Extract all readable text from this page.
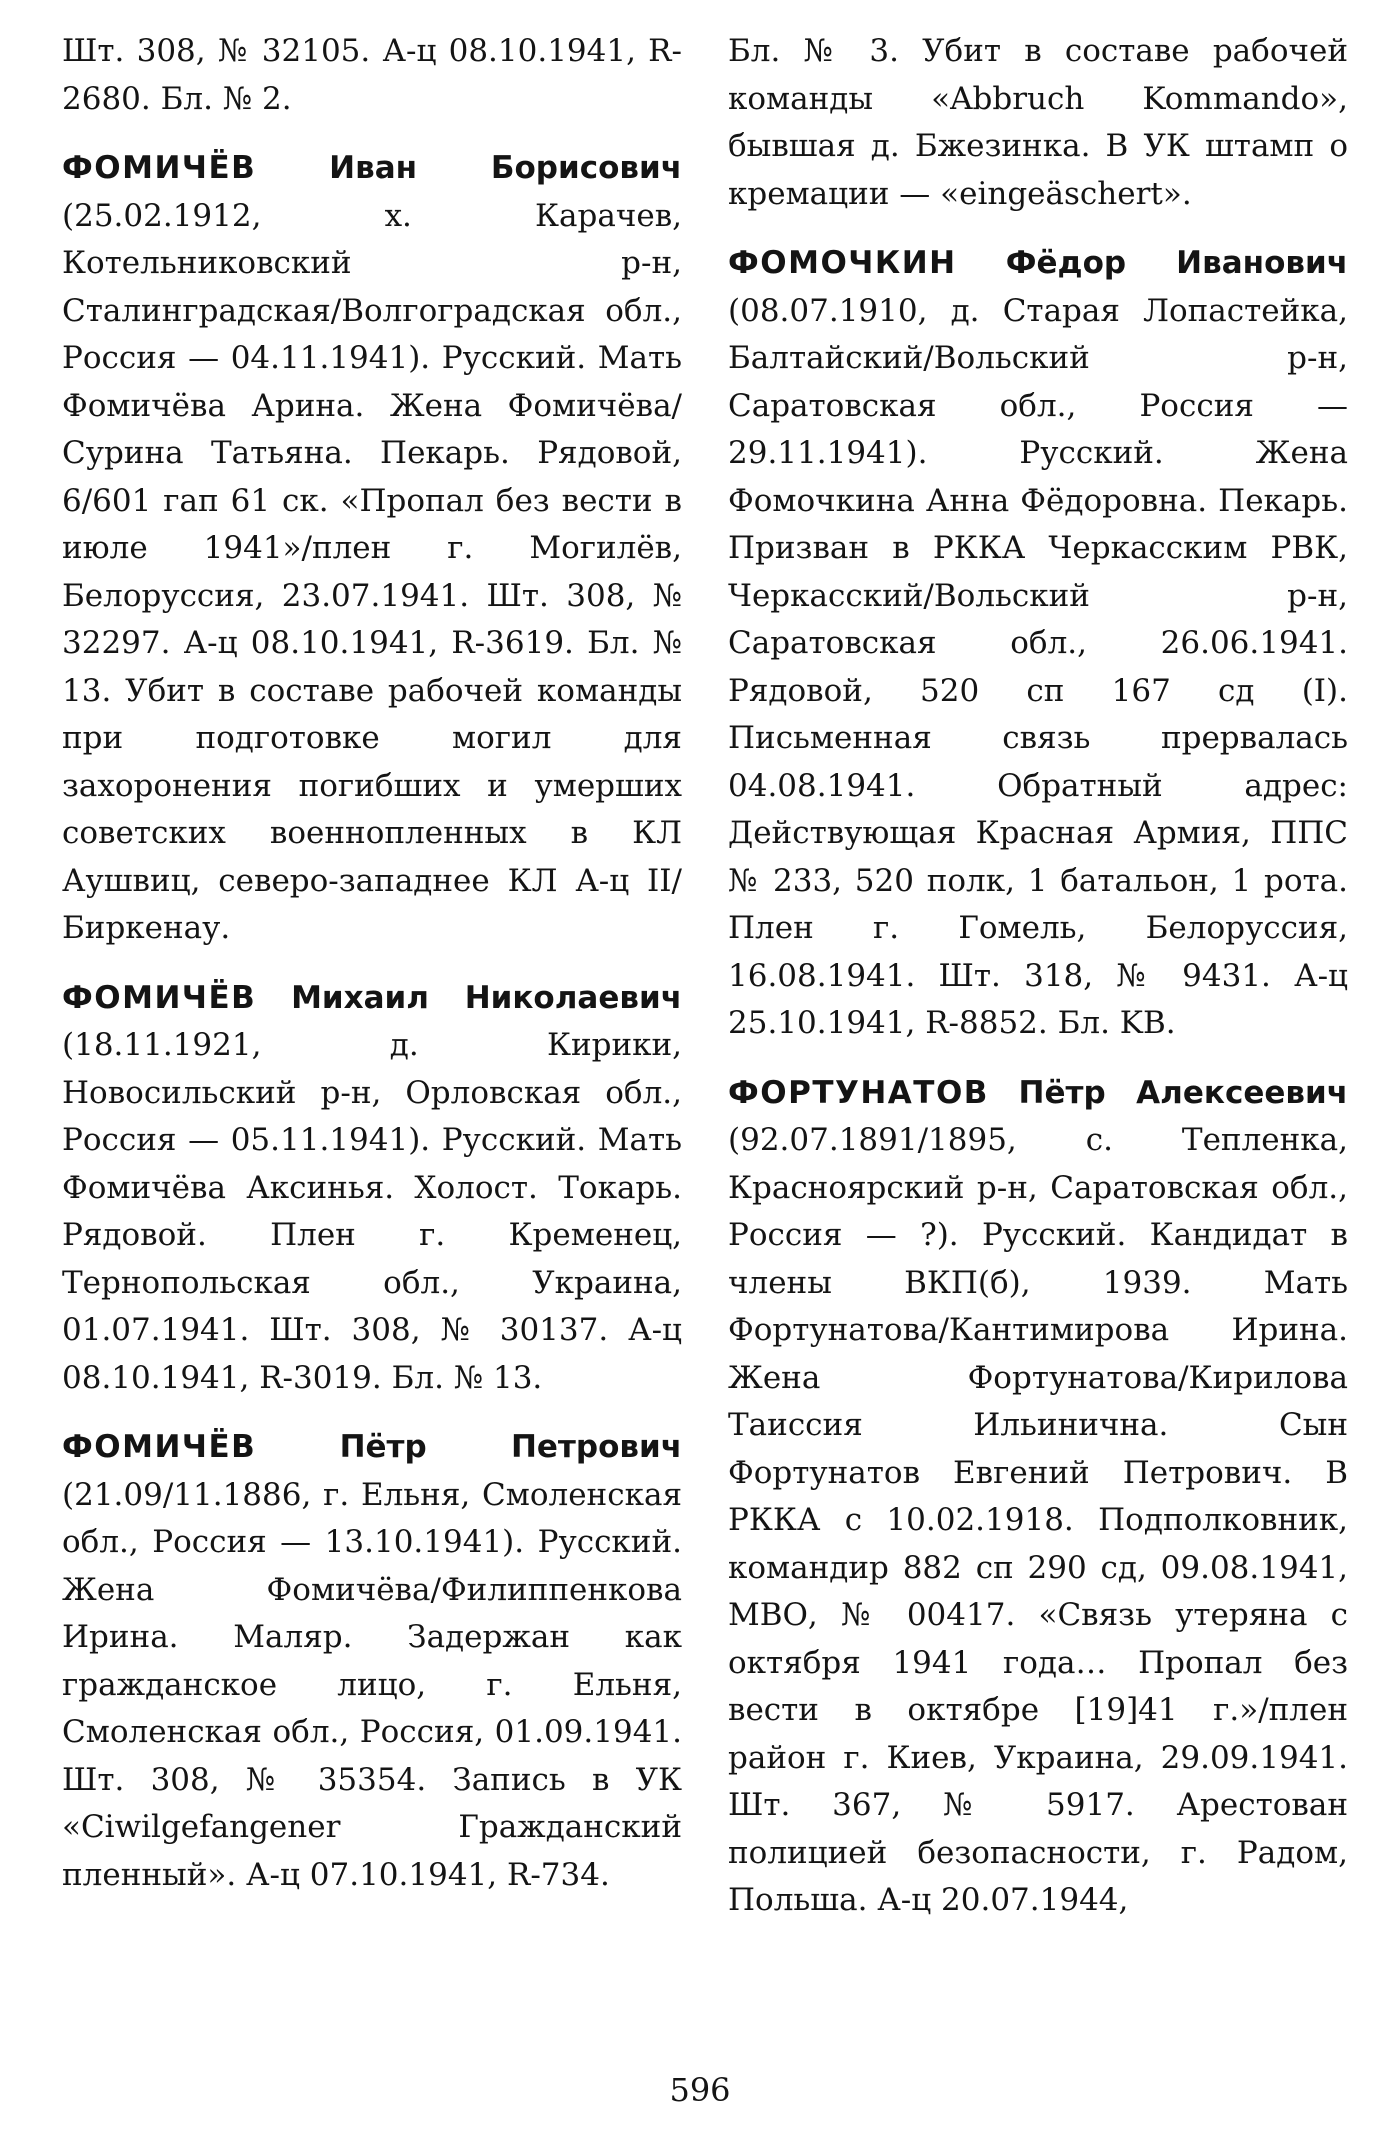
Шт. 308, № 32105. А-ц 08.10.1941, R-2680. Бл. № 2.

ФОМИЧЁВ Иван Борисович (25.02.1912, х. Карачев, Котельниковский р-н, Сталинградская/Волгоградская обл., Россия — 04.11.1941). Русский. Мать Фомичёва Арина. Жена Фомичёва/Сурина Татьяна. Пекарь. Рядовой, 6/601 гап 61 ск. «Пропал без вести в июле 1941»/плен г. Могилёв, Белоруссия, 23.07.1941. Шт. 308, № 32297. А-ц 08.10.1941, R-3619. Бл. № 13. Убит в составе рабочей команды при подготовке могил для захоронения погибших и умерших советских военнопленных в КЛ Аушвиц, северо-западнее КЛ А-ц II/Биркенау.

ФОМИЧЁВ Михаил Николаевич (18.11.1921, д. Кирики, Новосильский р-н, Орловская обл., Россия — 05.11.1941). Русский. Мать Фомичёва Аксинья. Холост. Токарь. Рядовой. Плен г. Кременец, Тернопольская обл., Украина, 01.07.1941. Шт. 308, № 30137. А-ц 08.10.1941, R-3019. Бл. № 13.

ФОМИЧЁВ	Пётр Петрович (21.09/11.1886, г. Ельня, Смоленская обл., Россия — 13.10.1941). Русский. Жена Фомичёва/Филиппенкова Ирина. Маляр. Задержан как гражданское лицо, г. Ельня, Смоленская обл., Россия, 01.09.1941. Шт. 308, № 35354. Запись в УК «Ciwilgefangener Гражданский пленный». А-ц 07.10.1941, R-734.

Бл. № 3. Убит в составе рабочей команды «Abbruch Kommando», бывшая д. Бжезинка. В УК штамп о кремации — «eingeäschert».

ФОМОЧКИН Фёдор Иванович (08.07.1910, д. Старая Лопастейка, Балтайский/Вольский р-н, Саратовская обл., Россия — 29.11.1941). Русский. Жена Фомочкина Анна Фёдоровна. Пекарь. Призван в РККА Черкасским РВК, Черкасский/Вольский р-н, Саратовская обл., 26.06.1941. Рядовой, 520 сп 167 сд (I). Письменная связь прервалась 04.08.1941. Обратный адрес: Действующая Красная Армия, ППС № 233, 520 полк, 1 батальон, 1 рота. Плен г. Гомель, Белоруссия, 16.08.1941. Шт. 318, № 9431. А-ц 25.10.1941, R-8852. Бл. KB.

ФОРТУНАТОВ Пётр Алексеевич (92.07.1891/1895, с. Тепленка, Красноярский р-н, Саратовская обл., Россия — ?). Русский. Кандидат в члены ВКП(б), 1939. Мать Фортунатова/Кантимирова Ирина. Жена Фортунатова/Кирилова Таиссия Ильинична. Сын Фортунатов Евгений Петрович. В РККА с 10.02.1918. Подполковник, командир 882 сп 290 сд, 09.08.1941, МВО, № 00417. «Связь утеряна с октября 1941 года… Пропал без вести в октябре [19]41 г.»/плен район г. Киев, Украина, 29.09.1941. Шт. 367, № 5917. Арестован полицией безопасности, г. Радом, Польша. А-ц 20.07.1944,

596
